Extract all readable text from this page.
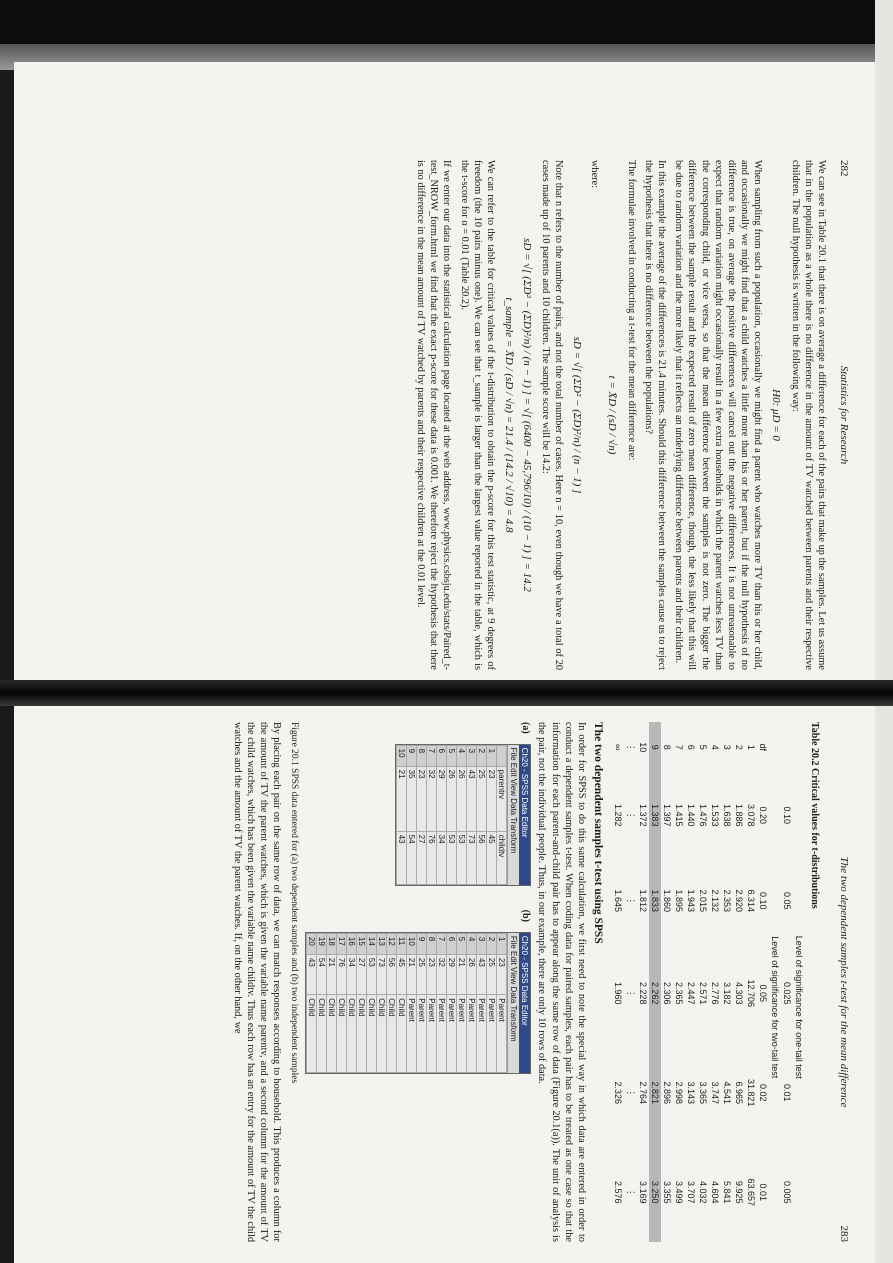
282
Statistics for Research

We can see in Table 20.1 that there is on average a difference for each of the pairs that make up the samples. Let us assume that in the population as a whole there is no difference in the amount of TV watched between parents and their respective children. The null hypothesis is written in the following way:

H0: μD = 0

When sampling from such a population, occasionally we might find a parent who watches more TV than his or her child, and occasionally we might find that a child watches a little more than his or her parent, but if the null hypothesis of no difference is true, on average the positive differences will cancel out the negative differences. It is not unreasonable to expect that random variation might occasionally result in a few extra households in which the parent watches less TV than the corresponding child, or vice versa, so that the mean difference between the samples is not zero. The bigger the difference between the sample result and the expected result of zero mean difference, though, the less likely that this will be due to random variation and the more likely that it reflects an underlying difference between parents and their children.

In this example the average of the differences is 21.4 minutes. Should this difference between the samples cause us to reject the hypothesis that there is no difference between the populations?

The formulae involved in conducting a t-test for the mean difference are:

t = X̄D / (sD / √n)
where:
sD = √[ (ΣD² − (ΣD)²/n) / (n − 1) ]

Note that n refers to the number of pairs, and not the total number of cases. Here n = 10, even though we have a total of 20 cases made up of 10 parents and 10 children. The sample score will be 14.2:

sD = √[ (ΣD² − (ΣD)²/n) / (n − 1) ] = √[ (6400 − 45,796/10) / (10 − 1) ] = 14.2
t_sample = X̄D / (sD / √n) = 21.4 / (14.2 / √10) = 4.8

We can refer to the table for critical values of the t-distribution to obtain the p-score for this test statistic, at 9 degrees of freedom (the 10 pairs minus one). We can see that t_sample is larger than the largest value reported in the table, which is the t-score for α = 0.01 (Table 20.2).

If we enter our data into the statistical calculation page located at the web address, www.physics.csbsju.edu/stats/Paired_t-test_NROW_form.html we find that the exact p-score for these data is 0.001. We therefore reject the hypothesis that there is no difference in the mean amount of TV watched by parents and their respective children at the 0.01 level.

The two dependent samples t-test for the mean difference
283
Table 20.2 Critical values for t-distributions
	Level of significance for one-tail test				
	0.10	0.05	0.025	0.01	0.005
	Level of significance for two-tail test				
df	0.20	0.10	0.05	0.02	0.01
1	3.078	6.314	12.706	31.821	63.657
2	1.886	2.920	4.303	6.965	9.925
3	1.638	2.353	3.182	4.541	5.841
4	1.533	2.132	2.776	3.747	4.604
5	1.476	2.015	2.571	3.365	4.032
6	1.440	1.943	2.447	3.143	3.707
7	1.415	1.895	2.365	2.998	3.499
8	1.397	1.860	2.306	2.896	3.355
9	1.383	1.833	2.262	2.821	3.250
10	1.372	1.812	2.228	2.764	3.169
⋮	⋮	⋮	⋮	⋮	⋮
∞	1.282	1.645	1.960	2.326	2.576
The two dependent samples t-test using SPSS

In order for SPSS to do this same calculation, we first need to note the special way in which data are entered in order to conduct a dependent samples t-test. When coding data for paired samples, each pair has to be treated as one case so that the information for each parent-and-child pair has to appear along the same row of data (Figure 20.1(a)). The unit of analysis is the pair, not the individual people. Thus, in our example, there are only 10 rows of data.

(a)
Ch20 - SPSS Data Editor
File Edit View Data Transform
	parentrv	childtv
1	23	45
2	25	56
3	43	73
4	26	53
5	26	53
6	29	34
7	32	76
8	23	27
9	35	54
10	21	43
(b)
Ch20 - SPSS Data Editor
File Edit View Data Transform
1	23	Parent
2	25	Parent
3	43	Parent
4	26	Parent
5	21	Parent
6	29	Parent
7	32	Parent
8	23	Parent
9	25	Parent
10	21	Parent
11	45	Child
12	56	Child
13	73	Child
14	53	Child
15	27	Child
16	34	Child
17	76	Child
18	21	Child
19	54	Child
20	43	Child
Figure 20.1 SPSS data entered for (a) two dependent samples and (b) two independent samples

By placing each pair on the same row of data, we can match responses according to household. This produces a column for the amount of TV the parent watches, which is given the variable name parentv, and a second column for the amount of TV the child watches, which has been given the variable name childtv. Thus each row has an entry for the amount of TV the child watches and the amount of TV the parent watches. If, on the other hand, we
